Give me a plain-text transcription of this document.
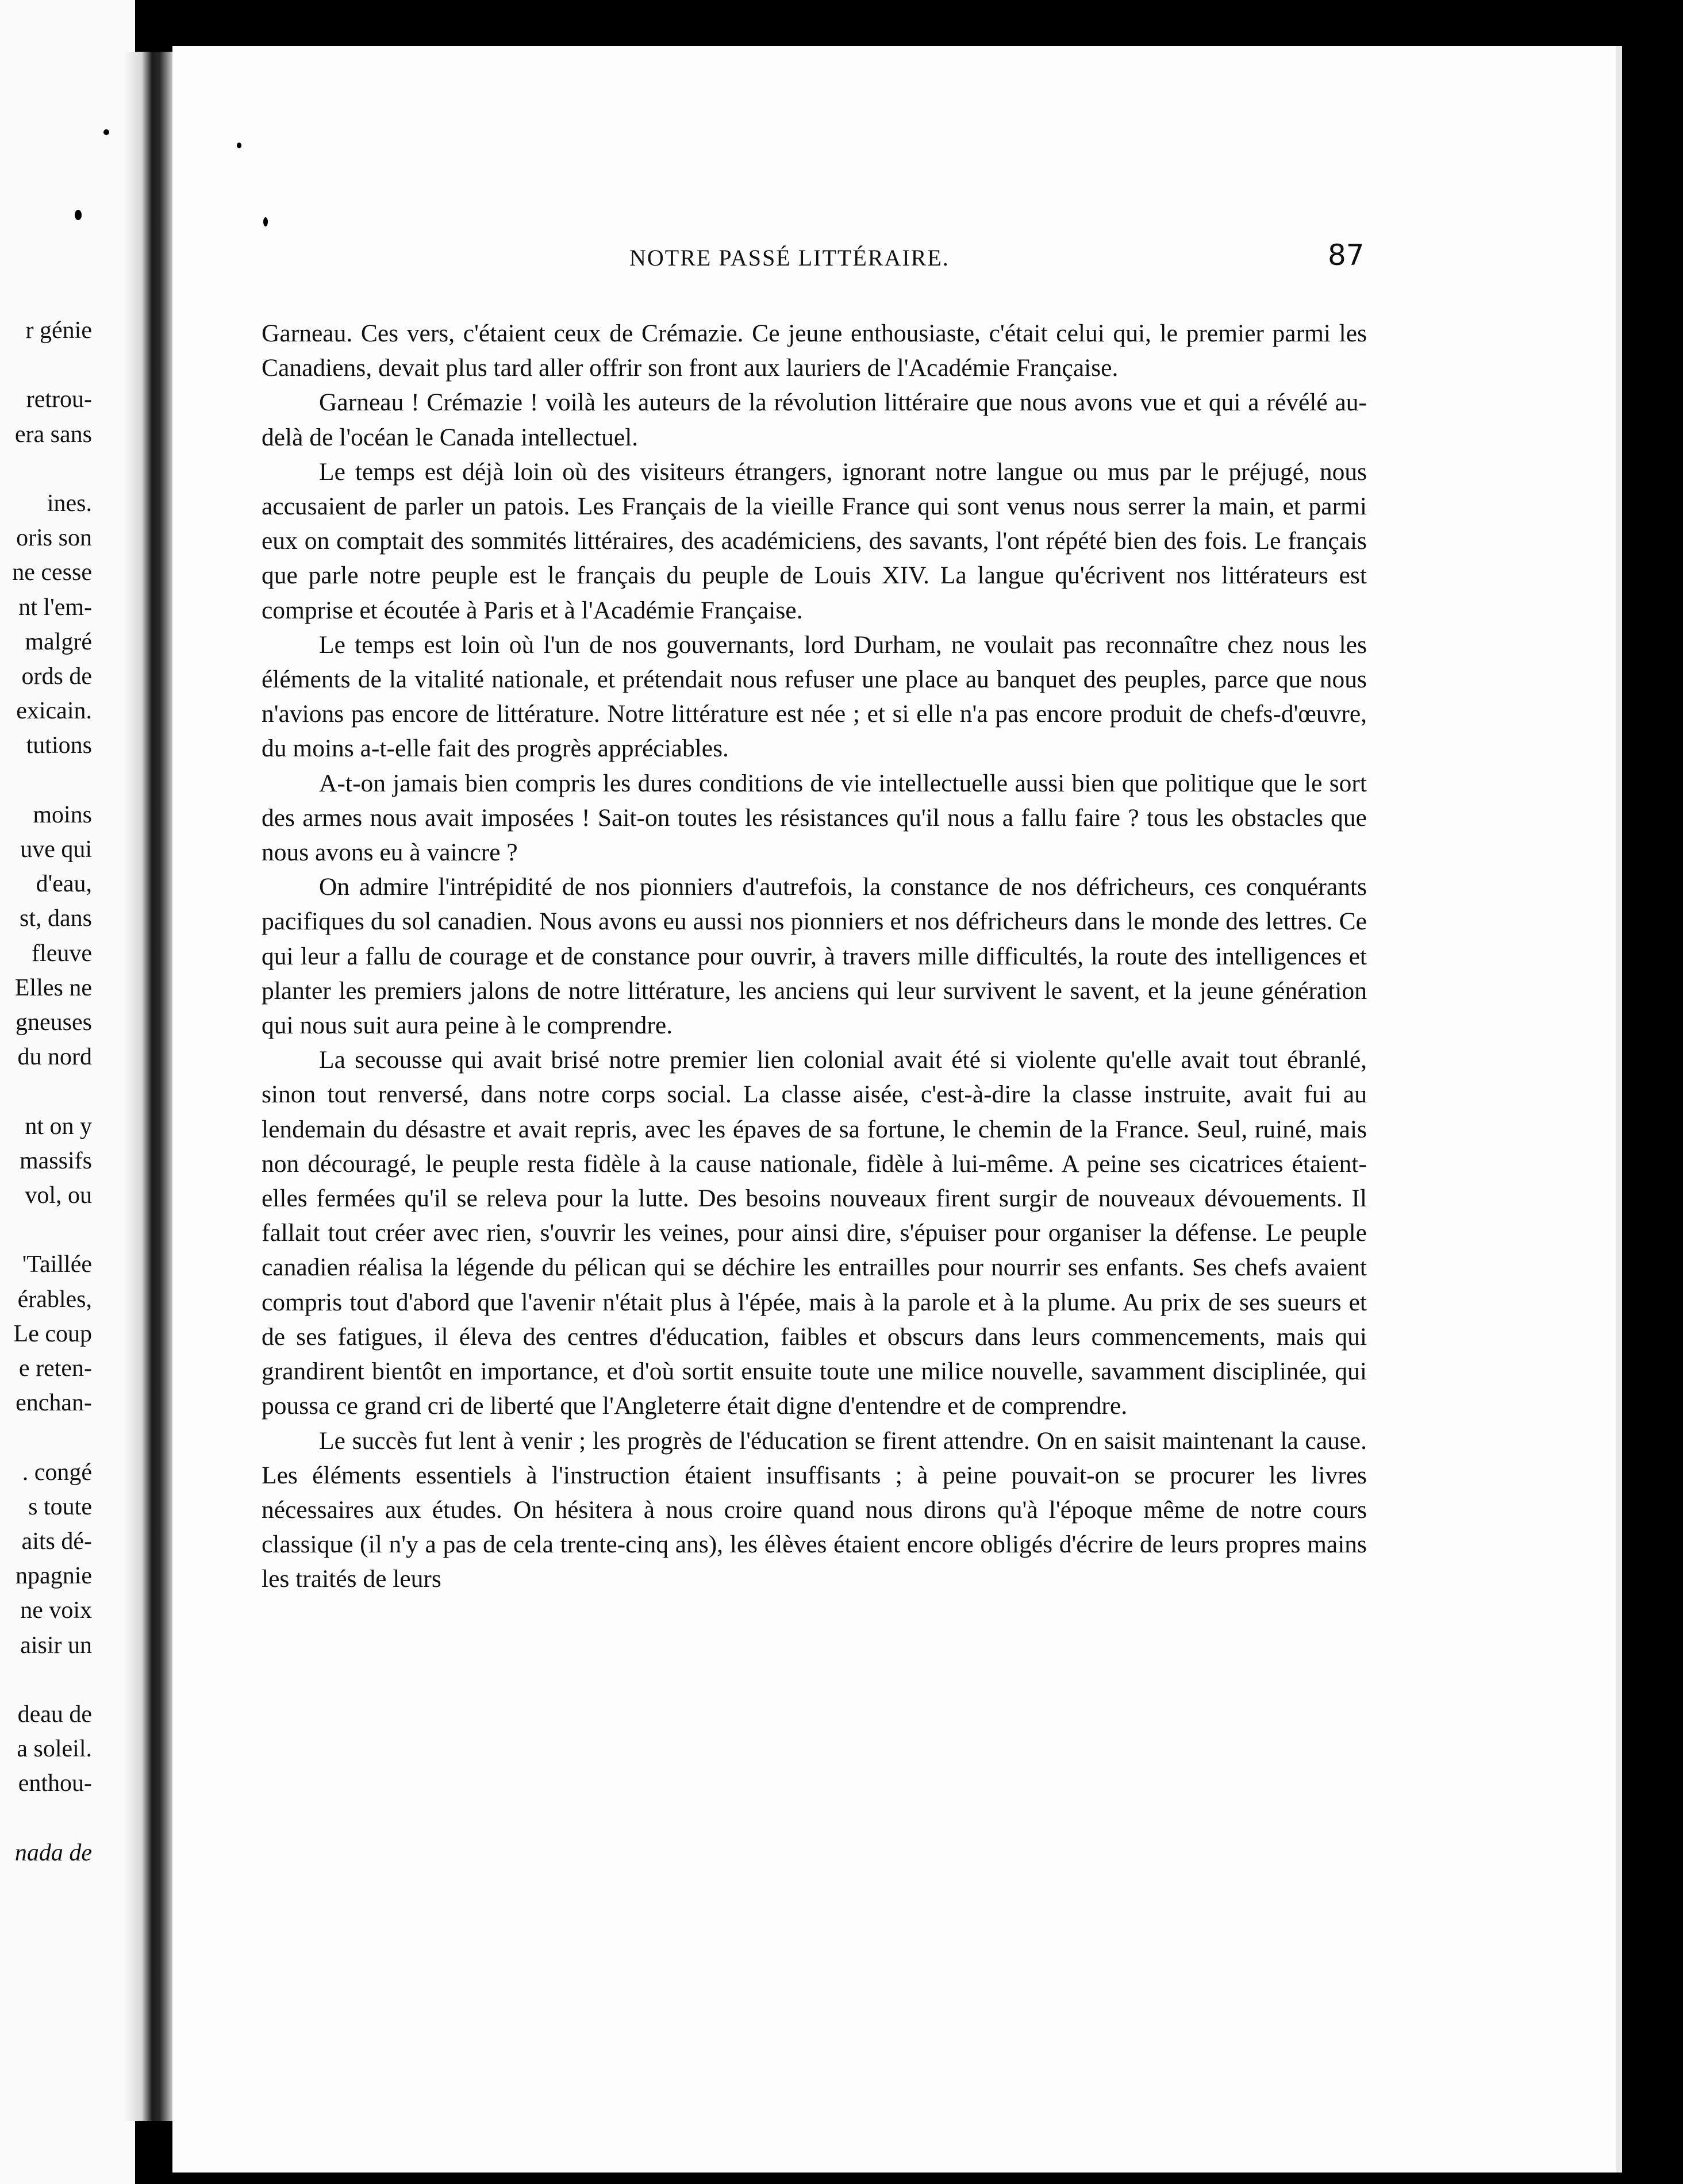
r génie
retrou-
era sans
ines.
oris son
ne cesse
nt l'em-
malgré
ords de
exicain.
tutions
moins
uve qui
d'eau,
st, dans
fleuve
Elles ne
gneuses
du nord
nt on y
massifs
vol, ou
'Taillée
érables,
Le coup
e reten-
enchan-
. congé
s toute
aits dé-
npagnie
ne voix
aisir un
deau de
a soleil.
enthou-
nada de
NOTRE PASSÉ LITTÉRAIRE.	87

Garneau. Ces vers, c'étaient ceux de Crémazie. Ce jeune enthousiaste, c'était celui qui, le premier parmi les Canadiens, devait plus tard aller offrir son front aux lauriers de l'Académie Française.

Garneau ! Crémazie ! voilà les auteurs de la révolution littéraire que nous avons vue et qui a révélé au-delà de l'océan le Canada intellectuel.

Le temps est déjà loin où des visiteurs étrangers, ignorant notre langue ou mus par le préjugé, nous accusaient de parler un patois. Les Français de la vieille France qui sont venus nous serrer la main, et parmi eux on comptait des sommités littéraires, des académiciens, des savants, l'ont répété bien des fois. Le français que parle notre peuple est le français du peuple de Louis XIV. La langue qu'écrivent nos littérateurs est comprise et écoutée à Paris et à l'Académie Française.

Le temps est loin où l'un de nos gouvernants, lord Durham, ne voulait pas reconnaître chez nous les éléments de la vitalité nationale, et prétendait nous refuser une place au banquet des peuples, parce que nous n'avions pas encore de littérature. Notre littérature est née ; et si elle n'a pas encore produit de chefs-d'œuvre, du moins a-t-elle fait des progrès appréciables.

A-t-on jamais bien compris les dures conditions de vie intellectuelle aussi bien que politique que le sort des armes nous avait imposées ! Sait-on toutes les résistances qu'il nous a fallu faire ? tous les obstacles que nous avons eu à vaincre ?

On admire l'intrépidité de nos pionniers d'autrefois, la constance de nos défricheurs, ces conquérants pacifiques du sol canadien. Nous avons eu aussi nos pionniers et nos défricheurs dans le monde des lettres. Ce qui leur a fallu de courage et de constance pour ouvrir, à travers mille difficultés, la route des intelligences et planter les premiers jalons de notre littérature, les anciens qui leur survivent le savent, et la jeune génération qui nous suit aura peine à le comprendre.

La secousse qui avait brisé notre premier lien colonial avait été si violente qu'elle avait tout ébranlé, sinon tout renversé, dans notre corps social. La classe aisée, c'est-à-dire la classe instruite, avait fui au lendemain du désastre et avait repris, avec les épaves de sa fortune, le chemin de la France. Seul, ruiné, mais non découragé, le peuple resta fidèle à la cause nationale, fidèle à lui-même. A peine ses cicatrices étaient-elles fermées qu'il se releva pour la lutte. Des besoins nouveaux firent surgir de nouveaux dévouements. Il fallait tout créer avec rien, s'ouvrir les veines, pour ainsi dire, s'épuiser pour organiser la défense. Le peuple canadien réalisa la légende du pélican qui se déchire les entrailles pour nourrir ses enfants. Ses chefs avaient compris tout d'abord que l'avenir n'était plus à l'épée, mais à la parole et à la plume. Au prix de ses sueurs et de ses fatigues, il éleva des centres d'éducation, faibles et obscurs dans leurs commencements, mais qui grandirent bientôt en importance, et d'où sortit ensuite toute une milice nouvelle, savamment disciplinée, qui poussa ce grand cri de liberté que l'Angleterre était digne d'entendre et de comprendre.

Le succès fut lent à venir ; les progrès de l'éducation se firent attendre. On en saisit maintenant la cause. Les éléments essentiels à l'instruction étaient insuffisants ; à peine pouvait-on se procurer les livres nécessaires aux études. On hésitera à nous croire quand nous dirons qu'à l'époque même de notre cours classique (il n'y a pas de cela trente-cinq ans), les élèves étaient encore obligés d'écrire de leurs propres mains les traités de leurs
